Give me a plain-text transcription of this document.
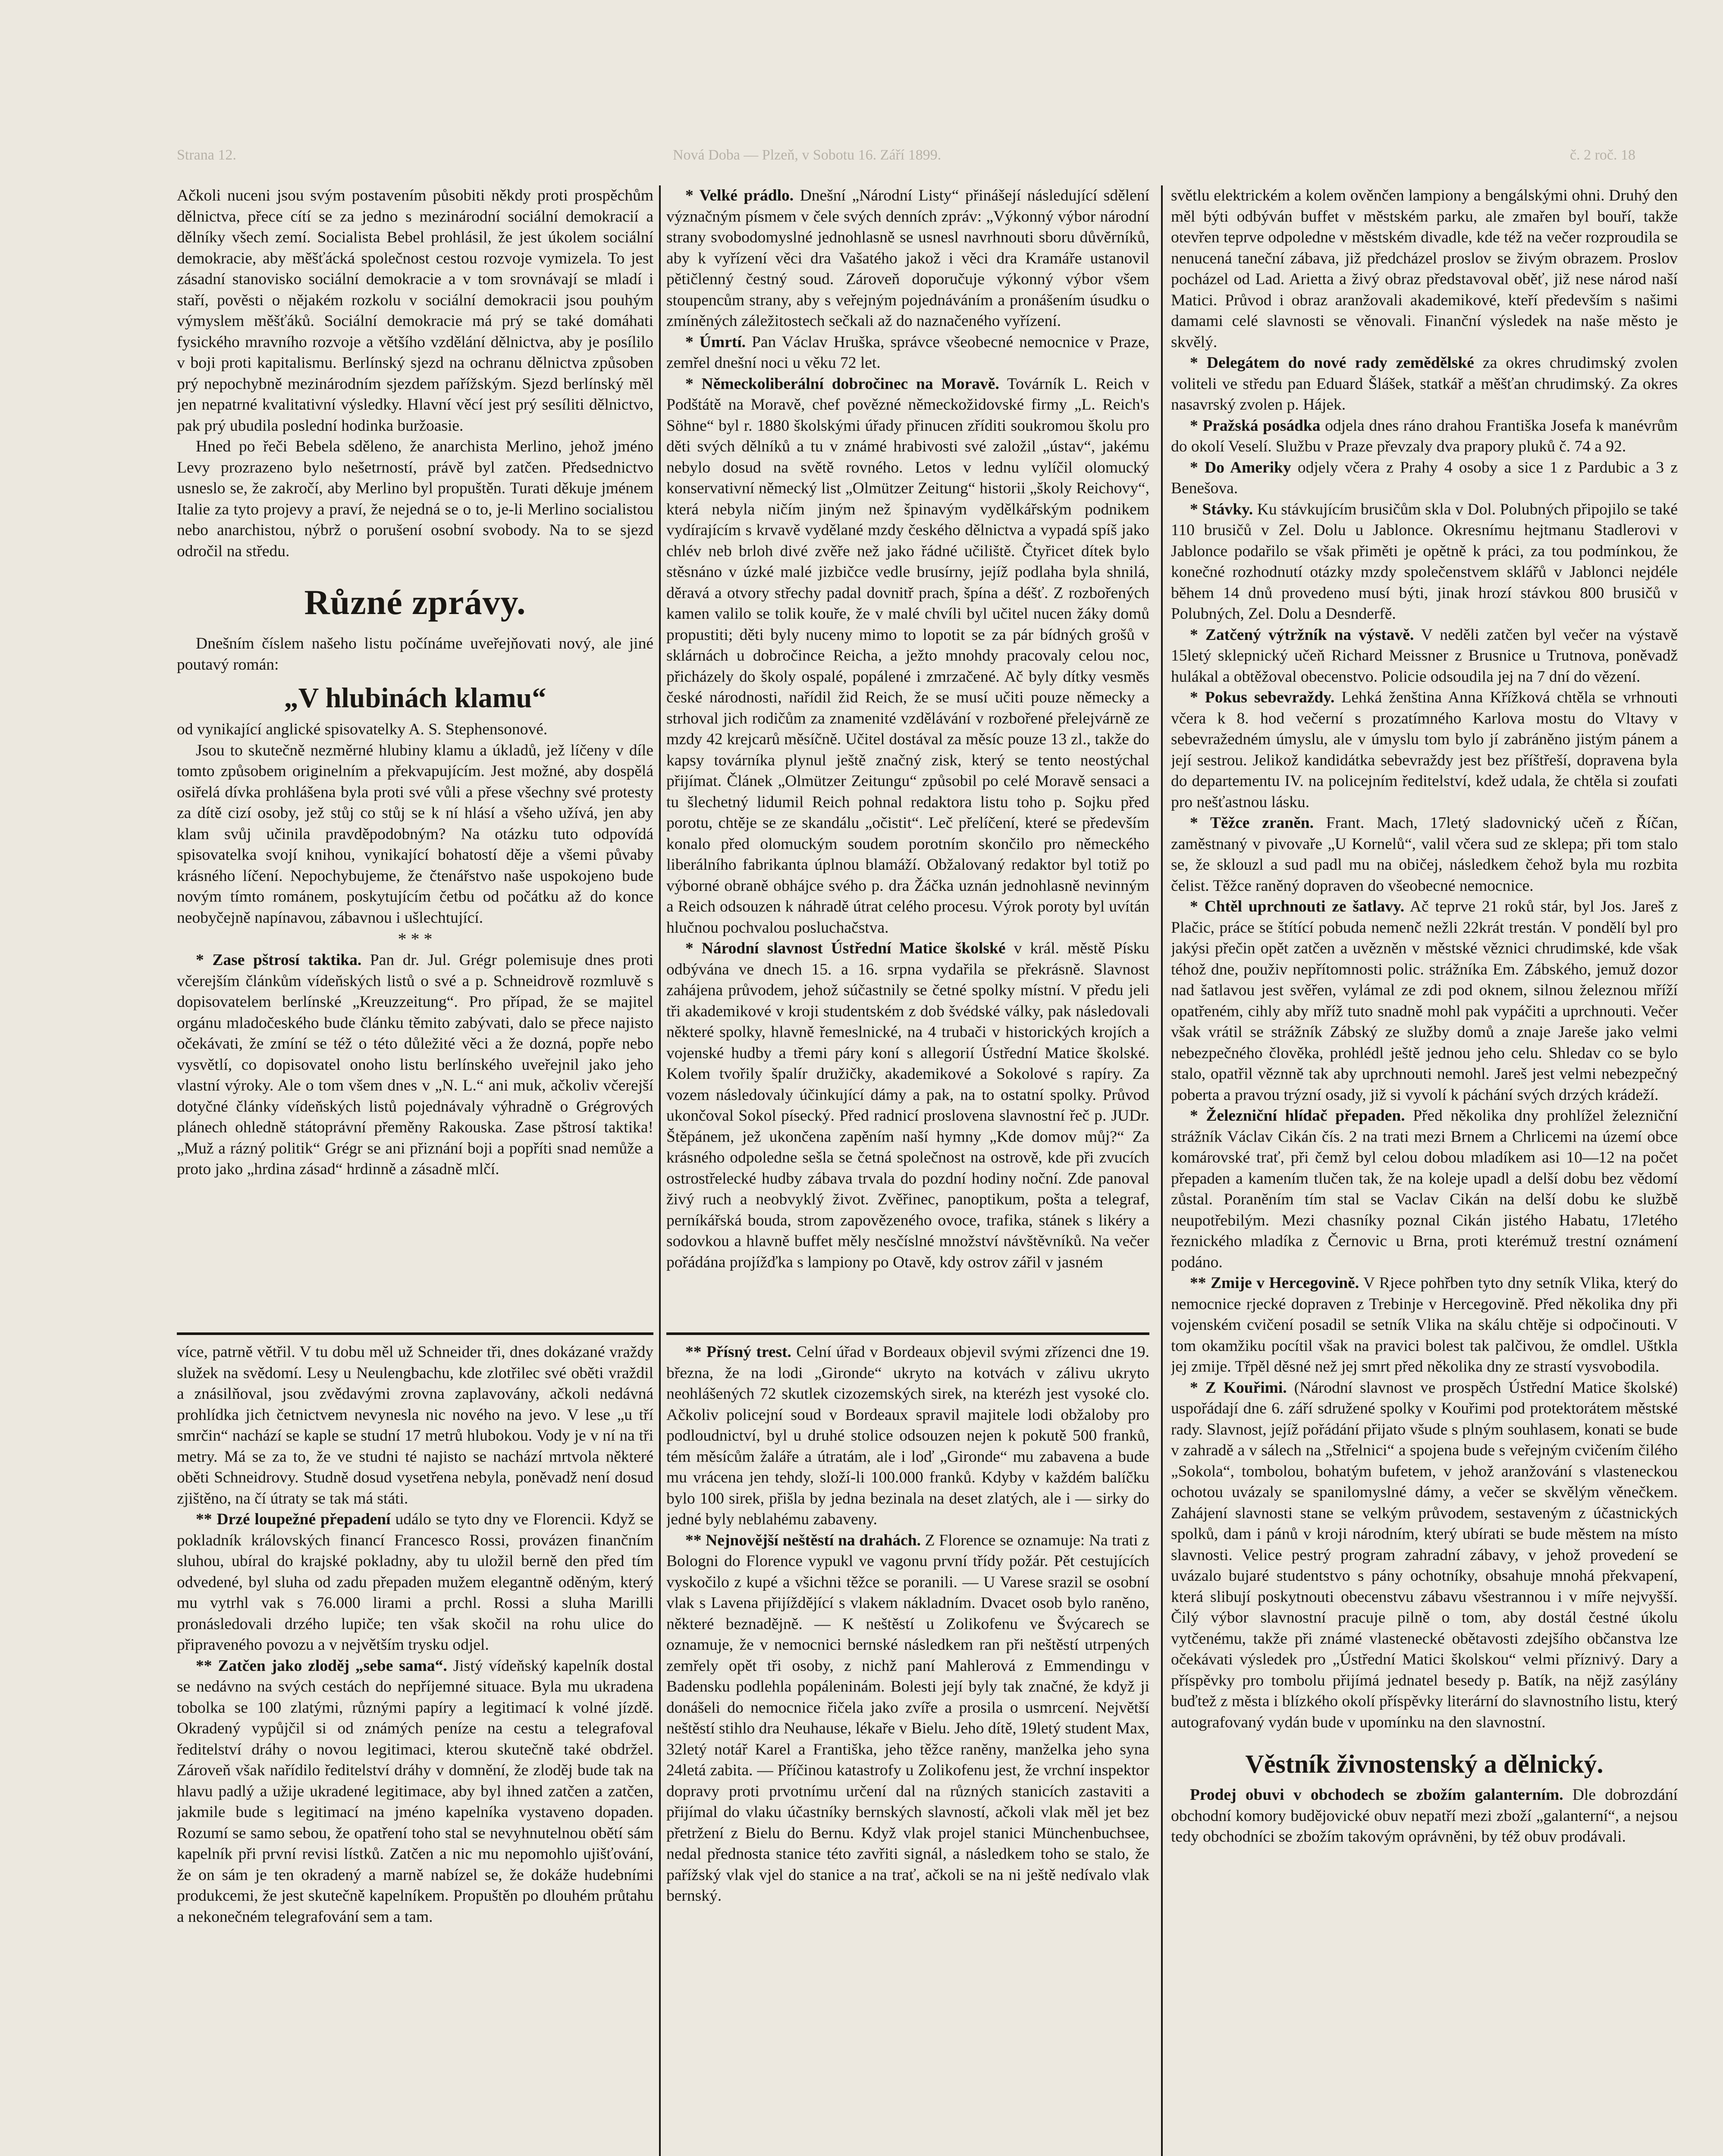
Strana 12.	Nová Doba — Plzeň, v Sobotu 16. Září 1899.	č. 2 roč. 18

Ačkoli nuceni jsou svým postavením působiti někdy proti prospěchům dělnictva, přece cítí se za jedno s mezinárodní sociální demokracií a dělníky všech zemí. Socialista Bebel prohlásil, že jest úkolem sociální demokracie, aby měšťácká společnost cestou rozvoje vymizela. To jest zásadní stanovisko sociální demokracie a v tom srovnávají se mladí i staří, pověsti o nějakém rozkolu v sociální demokracii jsou pouhým výmyslem měšťáků. Sociální demokracie má prý se také domáhati fysického mravního rozvoje a většího vzdělání dělnictva, aby je posílilo v boji proti kapitalismu. Berlínský sjezd na ochranu dělnictva způsoben prý nepochybně mezinárodním sjezdem pařížským. Sjezd berlínský měl jen nepatrné kvalitativní výsledky. Hlavní věcí jest prý sesíliti dělnictvo, pak prý ubudila poslední hodinka buržoasie.

Hned po řeči Bebela sděleno, že anarchista Merlino, jehož jméno Levy prozrazeno bylo nešetrností, právě byl zatčen. Předsednictvo usneslo se, že zakročí, aby Merlino byl propuštěn. Turati děkuje jménem Italie za tyto projevy a praví, že nejedná se o to, je-li Merlino socialistou nebo anarchistou, nýbrž o porušení osobní svobody. Na to se sjezd odročil na středu.

Různé zprávy.

Dnešním číslem našeho listu počínáme uveřejňovati nový, ale jiné poutavý román:

„V hlubinách klamu“

od vynikající anglické spisovatelky A. S. Stephensonové.

Jsou to skutečně nezměrné hlubiny klamu a úkladů, jež líčeny v díle tomto způsobem originelním a překvapujícím. Jest možné, aby dospělá osiřelá dívka prohlášena byla proti své vůli a přese všechny své protesty za dítě cizí osoby, jež stůj co stůj se k ní hlásí a všeho užívá, jen aby klam svůj učinila pravděpodobným? Na otázku tuto odpovídá spisovatelka svojí knihou, vynikající bohatostí děje a všemi půvaby krásného líčení. Nepochybujeme, že čtenářstvo naše uspokojeno bude novým tímto románem, poskytujícím četbu od počátku až do konce neobyčejně napínavou, zábavnou i ušlechtující.

* * *

* Zase pštrosí taktika. Pan dr. Jul. Grégr polemisuje dnes proti včerejším článkům vídeňských listů o své a p. Schneidrově rozmluvě s dopisovatelem berlínské „Kreuzzeitung“. Pro případ, že se majitel orgánu mladočeského bude článku těmito zabývati, dalo se přece najisto očekávati, že zmíní se též o této důležité věci a že dozná, popře nebo vysvětlí, co dopisovatel onoho listu berlínského uveřejnil jako jeho vlastní výroky. Ale o tom všem dnes v „N. L.“ ani muk, ačkoliv včerejší dotyčné články vídeňských listů pojednávaly výhradně o Grégrových plánech ohledně státoprávní přeměny Rakouska. Zase pštrosí taktika! „Muž a rázný politik“ Grégr se ani přiznání boji a popříti snad nemůže a proto jako „hrdina zásad“ hrdinně a zásadně mlčí.

více, patrně větřil. V tu dobu měl už Schneider tři, dnes dokázané vraždy služek na svědomí. Lesy u Neulengbachu, kde zlotřilec své oběti vraždil a znásilňoval, jsou zvědavými zrovna zaplavovány, ačkoli nedávná prohlídka jich četnictvem nevynesla nic nového na jevo. V lese „u tří smrčin“ nachází se kaple se studní 17 metrů hlubokou. Vody je v ní na tři metry. Má se za to, že ve studni té najisto se nachází mrtvola některé oběti Schneidrovy. Studně dosud vysetřena nebyla, poněvadž není dosud zjištěno, na čí útraty se tak má státi.

** Drzé loupežné přepadení událo se tyto dny ve Florencii. Když se pokladník královských financí Francesco Rossi, provázen finančním sluhou, ubíral do krajské pokladny, aby tu uložil berně den před tím odvedené, byl sluha od zadu přepaden mužem elegantně oděným, který mu vytrhl vak s 76.000 lirami a prchl. Rossi a sluha Marilli pronásledovali drzého lupiče; ten však skočil na rohu ulice do připraveného povozu a v největším trysku odjel.

** Zatčen jako zloděj „sebe sama“. Jistý vídeňský kapelník dostal se nedávno na svých cestách do nepříjemné situace. Byla mu ukradena tobolka se 100 zlatými, různými papíry a legitimací k volné jízdě. Okradený vypůjčil si od známých peníze na cestu a telegrafoval ředitelství dráhy o novou legitimaci, kterou skutečně také obdržel. Zároveň však nařídilo ředitelství dráhy v domnění, že zloděj bude tak na hlavu padlý a užije ukradené legitimace, aby byl ihned zatčen a zatčen, jakmile bude s legitimací na jméno kapelníka vystaveno dopaden. Rozumí se samo sebou, že opatření toho stal se nevyhnutelnou obětí sám kapelník při první revisi lístků. Zatčen a nic mu nepomohlo ujišťování, že on sám je ten okradený a marně nabízel se, že dokáže hudebními produkcemi, že jest skutečně kapelníkem. Propuštěn po dlouhém průtahu a nekonečném telegrafování sem a tam.

* Velké prádlo. Dnešní „Národní Listy“ přinášejí následující sdělení význačným písmem v čele svých denních zpráv: „Výkonný výbor národní strany svobodomyslné jednohlasně se usnesl navrhnouti sboru důvěrníků, aby k vyřízení věci dra Vašatého jakož i věci dra Kramáře ustanovil pětičlenný čestný soud. Zároveň doporučuje výkonný výbor všem stoupencům strany, aby s veřejným pojednáváním a pronášením úsudku o zmíněných záležitostech sečkali až do naznačeného vyřízení.

* Úmrtí. Pan Václav Hruška, správce všeobecné nemocnice v Praze, zemřel dnešní noci u věku 72 let.

* Německoliberální dobročinec na Moravě. Továrník L. Reich v Podštátě na Moravě, chef povězné německožidovské firmy „L. Reich's Söhne“ byl r. 1880 školskými úřady přinucen zříditi soukromou školu pro děti svých dělníků a tu v známé hrabivosti své založil „ústav“, jakému nebylo dosud na světě rovného. Letos v lednu vylíčil olomucký konservativní německý list „Olmützer Zeitung“ historii „školy Reichovy“, která nebyla ničím jiným než špinavým vydělkářským podnikem vydírajícím s krvavě vydělané mzdy českého dělnictva a vypadá spíš jako chlév neb brloh divé zvěře než jako řádné učiliště. Čtyřicet dítek bylo stěsnáno v úzké malé jizbičce vedle brusírny, jejíž podlaha byla shnilá, děravá a otvory střechy padal dovnitř prach, špína a déšť. Z rozbořených kamen valilo se tolik kouře, že v malé chvíli byl učitel nucen žáky domů propustiti; děti byly nuceny mimo to lopotit se za pár bídných grošů v sklárnách u dobročince Reicha, a ježto mnohdy pracovaly celou noc, přicházely do školy ospalé, popálené i zmrzačené. Ač byly dítky vesměs české národnosti, nařídil žid Reich, že se musí učiti pouze německy a strhoval jich rodičům za znamenité vzdělávání v rozbořené přelejvárně ze mzdy 42 krejcarů měsíčně. Učitel dostával za měsíc pouze 13 zl., takže do kapsy továrníka plynul ještě značný zisk, který se tento neostýchal přijímat. Článek „Olmützer Zeitungu“ způsobil po celé Moravě sensaci a tu šlechetný lidumil Reich pohnal redaktora listu toho p. Sojku před porotu, chtěje se ze skandálu „očistit“. Leč přelíčení, které se především konalo před olomuckým soudem porotním skončilo pro německého liberálního fabrikanta úplnou blamáží. Obžalovaný redaktor byl totiž po výborné obraně obhájce svého p. dra Žáčka uznán jednohlasně nevinným a Reich odsouzen k náhradě útrat celého procesu. Výrok poroty byl uvítán hlučnou pochvalou posluchačstva.

* Národní slavnost Ústřední Matice školské v král. městě Písku odbývána ve dnech 15. a 16. srpna vydařila se překrásně. Slavnost zahájena průvodem, jehož súčastnily se četné spolky místní. V předu jeli tři akademikové v kroji studentském z dob švédské války, pak následovali některé spolky, hlavně řemeslnické, na 4 trubači v historických krojích a vojenské hudby a třemi páry koní s allegorií Ústřední Matice školské. Kolem tvořily špalír družičky, akademikové a Sokolové s rapíry. Za vozem následovaly účinkující dámy a pak, na to ostatní spolky. Průvod ukončoval Sokol písecký. Před radnicí proslovena slavnostní řeč p. JUDr. Štěpánem, jež ukončena zapěním naší hymny „Kde domov můj?“ Za krásného odpoledne sešla se četná společnost na ostrově, kde při zvucích ostrostřelecké hudby zábava trvala do pozdní hodiny noční. Zde panoval živý ruch a neobvyklý život. Zvěřinec, panoptikum, pošta a telegraf, perníkářská bouda, strom zapovězeného ovoce, trafika, stánek s likéry a sodovkou a hlavně buffet měly nesčíslné množství návštěvníků. Na večer pořádána projížďka s lampiony po Otavě, kdy ostrov zářil v jasném

** Přísný trest. Celní úřad v Bordeaux objevil svými zřízenci dne 19. března, že na lodi „Gironde“ ukryto na kotvách v zálivu ukryto neohlášených 72 skutlek cizozemských sirek, na kterézh jest vysoké clo. Ačkoliv policejní soud v Bordeaux spravil majitele lodi obžaloby pro podloudnictví, byl u druhé stolice odsouzen nejen k pokutě 500 franků, tém měsícům žaláře a útratám, ale i loď „Gironde“ mu zabavena a bude mu vrácena jen tehdy, složí-li 100.000 franků. Kdyby v každém balíčku bylo 100 sirek, přišla by jedna bezinala na deset zlatých, ale i — sirky do jedné byly neblahému zabaveny.

** Nejnovější neštěstí na drahách. Z Florence se oznamuje: Na trati z Bologni do Florence vypukl ve vagonu první třídy požár. Pět cestujících vyskočilo z kupé a všichni těžce se poranili. — U Varese srazil se osobní vlak s Lavena přijíždějící s vlakem nákladním. Dvacet osob bylo raněno, některé beznadějně. — K neštěstí u Zolikofenu ve Švýcarech se oznamuje, že v nemocnici bernské následkem ran při neštěstí utrpených zemřely opět tři osoby, z nichž paní Mahlerová z Emmendingu v Badensku podlehla popáleninám. Bolesti její byly tak značné, že když ji donášeli do nemocnice řičela jako zvíře a prosila o usmrcení. Největší neštěstí stihlo dra Neuhause, lékaře v Bielu. Jeho dítě, 19letý student Max, 32letý notář Karel a Františka, jeho těžce raněny, manželka jeho syna 24letá zabita. — Příčinou katastrofy u Zolikofenu jest, že vrchní inspektor dopravy proti prvotnímu určení dal na různých stanicích zastaviti a přijímal do vlaku účastníky bernských slavností, ačkoli vlak měl jet bez přetržení z Bielu do Bernu. Když vlak projel stanici Münchenbuchsee, nedal přednosta stanice této zavřiti signál, a následkem toho se stalo, že pařížský vlak vjel do stanice a na trať, ačkoli se na ni ještě nedívalo vlak bernský.

světlu elektrickém a kolem ověnčen lampiony a bengálskými ohni. Druhý den měl býti odbýván buffet v městském parku, ale zmařen byl bouří, takže otevřen teprve odpoledne v městském divadle, kde též na večer rozproudila se nenucená taneční zábava, již předcházel proslov se živým obrazem. Proslov pocházel od Lad. Arietta a živý obraz představoval oběť, již nese národ naší Matici. Průvod i obraz aranžovali akademikové, kteří především s našimi damami celé slavnosti se věnovali. Finanční výsledek na naše město je skvělý.

* Delegátem do nové rady zemědělské za okres chrudimský zvolen voliteli ve středu pan Eduard Šlášek, statkář a měšťan chrudimský. Za okres nasavrský zvolen p. Hájek.

* Pražská posádka odjela dnes ráno drahou Františka Josefa k manévrům do okolí Veselí. Službu v Praze převzaly dva prapory pluků č. 74 a 92.

* Do Ameriky odjely včera z Prahy 4 osoby a sice 1 z Pardubic a 3 z Benešova.

* Stávky. Ku stávkujícím brusičům skla v Dol. Polubných připojilo se také 110 brusičů v Zel. Dolu u Jablonce. Okresnímu hejtmanu Stadlerovi v Jablonce podařilo se však přiměti je opětně k práci, za tou podmínkou, že konečné rozhodnutí otázky mzdy společenstvem sklářů v Jablonci nejdéle během 14 dnů provedeno musí býti, jinak hrozí stávkou 800 brusičů v Polubných, Zel. Dolu a Desnderfě.

* Zatčený výtržník na výstavě. V neděli zatčen byl večer na výstavě 15letý sklepnický učeň Richard Meissner z Brusnice u Trutnova, poněvadž hulákal a obtěžoval obecenstvo. Policie odsoudila jej na 7 dní do vězení.

* Pokus sebevraždy. Lehká ženština Anna Křížková chtěla se vrhnouti včera k 8. hod večerní s prozatímného Karlova mostu do Vltavy v sebevražedném úmyslu, ale v úmyslu tom bylo jí zabráněno jistým pánem a její sestrou. Jelikož kandidátka sebevraždy jest bez příštřeší, dopravena byla do departementu IV. na policejním ředitelství, kdež udala, že chtěla si zoufati pro nešťastnou lásku.

* Těžce zraněn. Frant. Mach, 17letý sladovnický učeň z Říčan, zaměstnaný v pivovaře „U Kornelů“, valil včera sud ze sklepa; při tom stalo se, že sklouzl a sud padl mu na običej, následkem čehož byla mu rozbita čelist. Těžce raněný dopraven do všeobecné nemocnice.

* Chtěl uprchnouti ze šatlavy. Ač teprve 21 roků stár, byl Jos. Jareš z Plačic, práce se štítící pobuda nemenč nežli 22krát trestán. V pondělí byl pro jakýsi přečin opět zatčen a uvězněn v městské věznici chrudimské, kde však téhož dne, použiv nepřítomnosti polic. strážníka Em. Zábského, jemuž dozor nad šatlavou jest svěřen, vylámal ze zdi pod oknem, silnou železnou mříží opatřeném, cihly aby mříž tuto snadně mohl pak vypáčiti a uprchnouti. Večer však vrátil se strážník Zábský ze služby domů a znaje Jareše jako velmi nebezpečného člověka, prohlédl ještě jednou jeho celu. Shledav co se bylo stalo, opatřil věznně tak aby uprchnouti nemohl. Jareš jest velmi nebezpečný poberta a pravou trýzní osady, již si vyvolí k páchání svých drzých krádeží.

* Železniční hlídač přepaden. Před několika dny prohlížel železniční strážník Václav Cikán čís. 2 na trati mezi Brnem a Chrlicemi na území obce komárovské trať, při čemž byl celou dobou mladíkem asi 10—12 na počet přepaden a kamením tlučen tak, že na koleje upadl a delší dobu bez vědomí zůstal. Poraněním tím stal se Vaclav Cikán na delší dobu ke službě neupotřebilým. Mezi chasníky poznal Cikán jistého Habatu, 17letého řeznického mladíka z Černovic u Brna, proti kterémuž trestní oznámení podáno.

** Zmije v Hercegovině. V Rjece pohřben tyto dny setník Vlika, který do nemocnice rjecké dopraven z Trebinje v Hercegovině. Před několika dny při vojenském cvičení posadil se setník Vlika na skálu chtěje si odpočinouti. V tom okamžiku pocítil však na pravici bolest tak palčivou, že omdlel. Uštkla jej zmije. Třpěl děsné než jej smrt před několika dny ze strastí vysvobodila.

* Z Kouřimi. (Národní slavnost ve prospěch Ústřední Matice školské) uspořádají dne 6. září sdružené spolky v Kouřimi pod protektorátem městské rady. Slavnost, jejíž pořádání přijato všude s plným souhlasem, konati se bude v zahradě a v sálech na „Střelnici“ a spojena bude s veřejným cvičením čilého „Sokola“, tombolou, bohatým bufetem, v jehož aranžování s vlasteneckou ochotou uvázaly se spanilomyslné dámy, a večer se skvělým věnečkem. Zahájení slavnosti stane se velkým průvodem, sestaveným z účastnických spolků, dam i pánů v kroji národním, který ubírati se bude městem na místo slavnosti. Velice pestrý program zahradní zábavy, v jehož provedení se uvázalo bujaré studentstvo s pány ochotníky, obsahuje mnohá překvapení, která slibují poskytnouti obecenstvu zábavu všestrannou i v míře nejvyšší. Čilý výbor slavnostní pracuje pilně o tom, aby dostál čestné úkolu vytčenému, takže při známé vlastenecké obětavosti zdejšího občanstva lze očekávati výsledek pro „Ústřední Matici školskou“ velmi příznivý. Dary a příspěvky pro tombolu přijímá jednatel besedy p. Batík, na nějž zasýlány buďtež z města i blízkého okolí příspěvky literární do slavnostního listu, který autografovaný vydán bude v upomínku na den slavnostní.

Věstník živnostenský a dělnický.

Prodej obuvi v obchodech se zbožím galanterním. Dle dobrozdání obchodní komory budějovické obuv nepatří mezi zboží „galanterní“, a nejsou tedy obchodníci se zbožím takovým oprávněni, by též obuv prodávali.
